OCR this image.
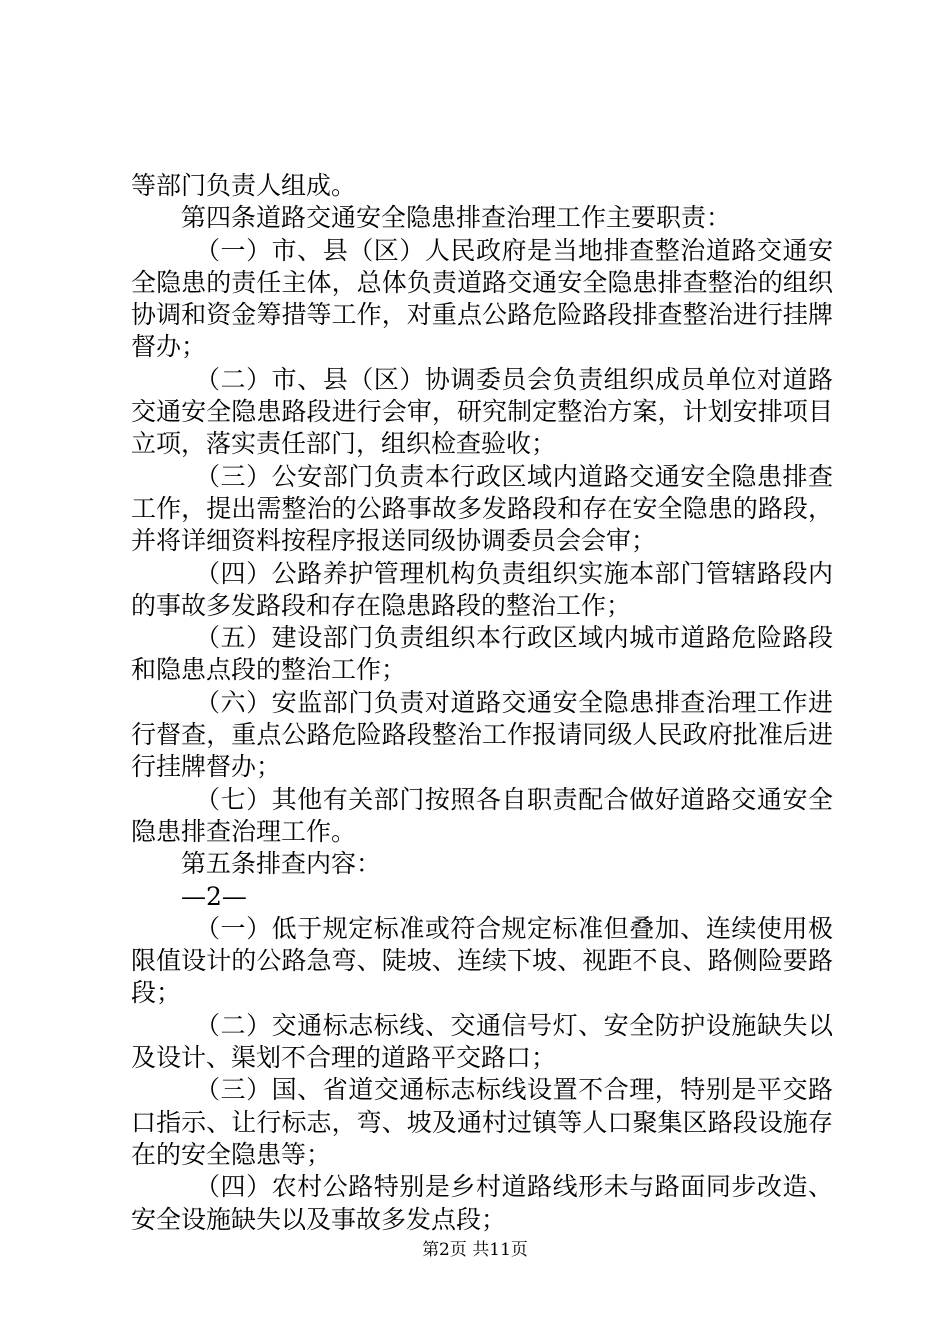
等部门负责人组成。

第四条道路交通安全隐患排查治理工作主要职责：

（一）市、县（区）人民政府是当地排查整治道路交通安全隐患的责任主体，总体负责道路交通安全隐患排查整治的组织协调和资金筹措等工作，对重点公路危险路段排查整治进行挂牌督办；

（二）市、县（区）协调委员会负责组织成员单位对道路交通安全隐患路段进行会审，研究制定整治方案，计划安排项目立项，落实责任部门，组织检查验收；

（三）公安部门负责本行政区域内道路交通安全隐患排查工作，提出需整治的公路事故多发路段和存在安全隐患的路段，并将详细资料按程序报送同级协调委员会会审；

（四）公路养护管理机构负责组织实施本部门管辖路段内的事故多发路段和存在隐患路段的整治工作；

（五）建设部门负责组织本行政区域内城市道路危险路段和隐患点段的整治工作；

（六）安监部门负责对道路交通安全隐患排查治理工作进行督查，重点公路危险路段整治工作报请同级人民政府批准后进行挂牌督办；

（七）其他有关部门按照各自职责配合做好道路交通安全隐患排查治理工作。

第五条排查内容：

—2—

（一）低于规定标准或符合规定标准但叠加、连续使用极限值设计的公路急弯、陡坡、连续下坡、视距不良、路侧险要路段；

（二）交通标志标线、交通信号灯、安全防护设施缺失以及设计、渠划不合理的道路平交路口；

（三）国、省道交通标志标线设置不合理，特别是平交路口指示、让行标志，弯、坡及通村过镇等人口聚集区路段设施存在的安全隐患等；

（四）农村公路特别是乡村道路线形未与路面同步改造、安全设施缺失以及事故多发点段；

第2页 共11页
